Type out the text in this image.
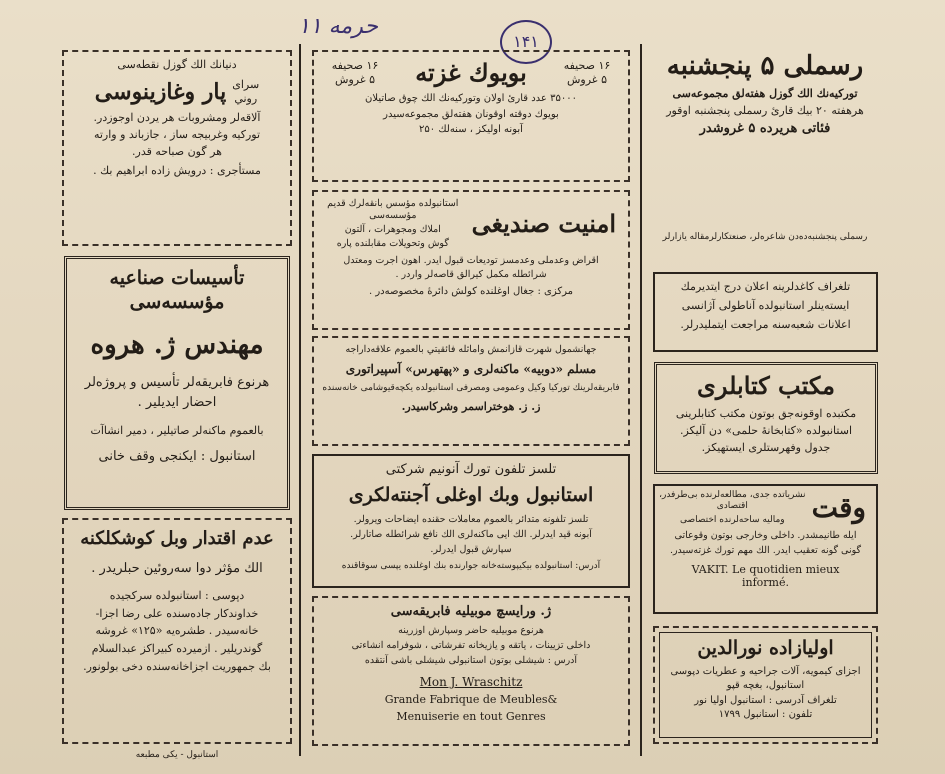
۱۱ حرمه
۱۴۱
رسملی ۵ پنجشنبه
تورکیه‌نك الك گوزل هفته‌لق مجموعه‌سی
هرهفته ۲۰ بيك قارئ رسملی پنجشنبه اوقور
فئاتی هريرده ۵ غروشدر
رسملی پنجشنبه‌ده‌دن شاعره‌لر، صنعتكارلرمقاله يازارلر
تلغراف کاغدلرينه اعلان درج ايتديرمك
ايسته‌ينلر استانبولده آناطولی آژانسی
اعلانات شعبه‌سنه مراجعت ايتمليدرلر.
مکتب کتابلری
مکتبده اوقونه‌جق بوتون مکتب كتابلرينى
استانبولده «کتابخانهٔ حلمی» دن آلیکز.
جدول وفهرستلری ایستهیکز.
وقت
نشرياتده جدی، مطالعه‌لرنده بی‌طرفدر، اقتصادی
وماليه ساحه‌لرنده اختصاصی
ايله طانيمشدر. داخلی وخارجی بوتون وقوعاتى
گونی گونه تعقيب ايدر. الك مهم تورك غزته‌سيدر.
VAKIT. Le quotidien mieux informé.
اوليازاده نورالدين
اجزای كيمویه، آلات جراحيه و عطريات دپوسی
استانبول، بغچه قپو
تلغراف آدرسی : استانبول اوليا نور
تلفون : استانبول ۱۷۹۹
۱۶ صحيفه
۵ غروش
بويوك غزته
۱۶ صحيفه
۵ غروش
۳۵۰۰۰ عدد قارئ اولان وتورکيه‌نك الك چوق صاتيلان
بويوك دوقته اوقونان هفته‌لق مجموعه‌سيدر
آبونه اوليكز ، سنه‌لك ۲۵۰
امنیت صندیغی
استانبولده مؤسس بانقه‌لرك قدیم مؤسسه‌سی
املاك ومجوهرات ، آلتون
گوش وتحويلات مقابلنده پاره
اقراض وعدملی وعدمسز توديعات قبول ايدر. اهون اجرت ومعتدل
شرائطله مكمل كيرالق قاصه‌لر واردر .
مرکزی : جغال اوغلنده کولش دائرهٔ مخصوصه‌در .
جهانشمول شهرت قازانمش واماثله فائقيتي بالعموم علاقه‌داراجه
مسلم «دوبيه» ماكنه‌لری و «پهتهرس» آسپیراتوری
فابريقه‌لرينك توركيا وكيل وعمومی ومصرفى استانبولده يكچه‌قيوشامى خانه‌سنده
ز. ز. هوختراسمر وشركاسيدر.
تلسز تلفون تورك آنونيم شركتی
استانبول وبك اوغلی آجنته‌لكری
تلسز تلفونه متدائر بالعموم معاملات حقنده ايضاحات ويرولر.
آبونه قيد ايدرلر. الك ايی ماكنه‌لری الك نافع شرائطله صاتارلر.
سپارش قبول ايدرلر.
آدرس: استانبولده بيكيپوسته‌خانه جوارنده بنك اوغلنده يپسی سوقاقنده
ژ. ورايسچ موبیلیه فابریقه‌سی
هرنوع موبيلیه حاضر وسپارش اوزرينه
داخلى تزيينات ، ياتقه و يازيخانه تفرشاتى ، شوفرامه انشاءتى
آدرس : شيشلی بوتون استانبولی شيشلی باشی آنتقده
Mon J. Wraschitz
Grande Fabrique de Meubles&
Menuiserie en tout Genres
دنيانك الك گوزل نقطه‌سی
سرای
روني
پار وغازینوسی
آلاقه‌لر ومشروبات هر يردن اوجوزدر.
توركيه وغربيجه ساز ، جازباند و وارته
هر گون صباحه قدر.
مستأجری : درويش زاده ابراهيم بك .
تأسيسات صناعيه مؤسسه‌سی
مهندس ژ. هروه
هرنوع فابريقه‌لر تأسيس و پروژه‌لر
احضار ايديلير .
بالعموم ماكنه‌لر صاتيلير ، دمير انشاآت
استانبول : ايكنجی وقف خانی
عدم اقتدار وبل كوشكلكنه
الك مؤثر دوا سەروئين حبلريدر .
دپوسی : استانبولده سركجيده
خداوندكار جاده‌سنده على رضا اجزا-
خانه‌سيدر . طشره‌يه «۱۲۵» غروشه
گوندريلير . ازميرده كبيراكز عبدالسلام
بك جمهوريت اجزاخانه‌سنده دخی بولونور.
استانبول - يکی مطبعه
